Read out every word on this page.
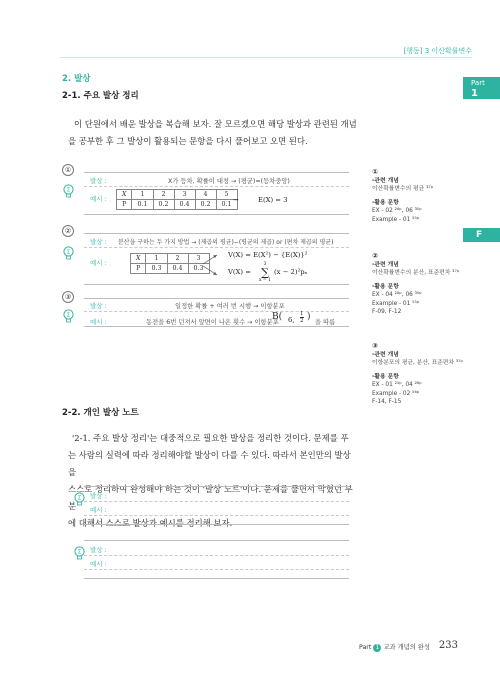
[행동] 3 이산확률변수
Part
1
F
2. 발상
2-1. 주요 발상 정리
이 단원에서 배운 발상을 복습해 보자. 잘 모르겠으면 해당 발상과 관련된 개념
을 공부한 후 그 발상이 활용되는 문항을 다시 풀어보고 오면 된다.
①
Σ
발상 :	X가 등차, 확률이 대칭 → (평균)=(등차중앙)
예시 :
X	1	2	3	4	5
P	0.1	0.2	0.4	0.2	0.1
→	E(X) = 3
②
Σ
발상 : 분산을 구하는 두 가지 방법 → (제곱의 평균)−(평균의 제곱) or (편차 제곱의 평균)
예시 :
X	1	2	3
P	0.3	0.4	0.3
V(X) = E(X²) − {E(X)}²
V(X) =
3
∑
x = 1
(x − 2)²pₓ
③
Σ
발상 :	일정한 확률 + 여러 번 시행 → 이항분포
예시 :	동전을 6번 던져서 앞면이 나온 횟수 → 이항분포
B( 6, $\frac{1}{2}$ )
을 따름
①
-관련 개념
이산확률변수의 평균 ³⁷ᵖ
-활용 문항
EX - 02 ²⁶ᵖ, 06 ³⁰ᵖ
Example - 01 ⁵⁵ᵖ
②
-관련 개념
이산확률변수의 분산, 표준편차 ³⁷ᵖ
-활용 문항
EX - 04 ²⁸ᵖ, 06 ³⁰ᵖ
Example - 01 ⁵⁵ᵖ
F-09, F-12
③
-관련 개념
이항분포의 평균, 분산, 표준편차 ³⁷ᵖ
-활용 문항
EX - 01 ²⁵ᵖ, 04 ²⁸ᵖ
Example - 02 ⁵⁶ᵖ
F-14, F-15
2-2. 개인 발상 노트
'2-1. 주요 발상 정리'는 대중적으로 필요한 발상을 정리한 것이다. 문제를 푸
는 사람의 실력에 따라 정리해야할 발상이 다를 수 있다. 따라서 본인만의 발상을
스스로 정리하여 완성해야 하는 것이 '발상 노트'이다. 문제를 풀면서 막혔던 부분
에 대해서 스스로 발상과 예시를 정리해 보자.
Σ 발상 :
예시 :
Σ 발상 :
예시 :
Part 1 교과 개념의 완성 233
